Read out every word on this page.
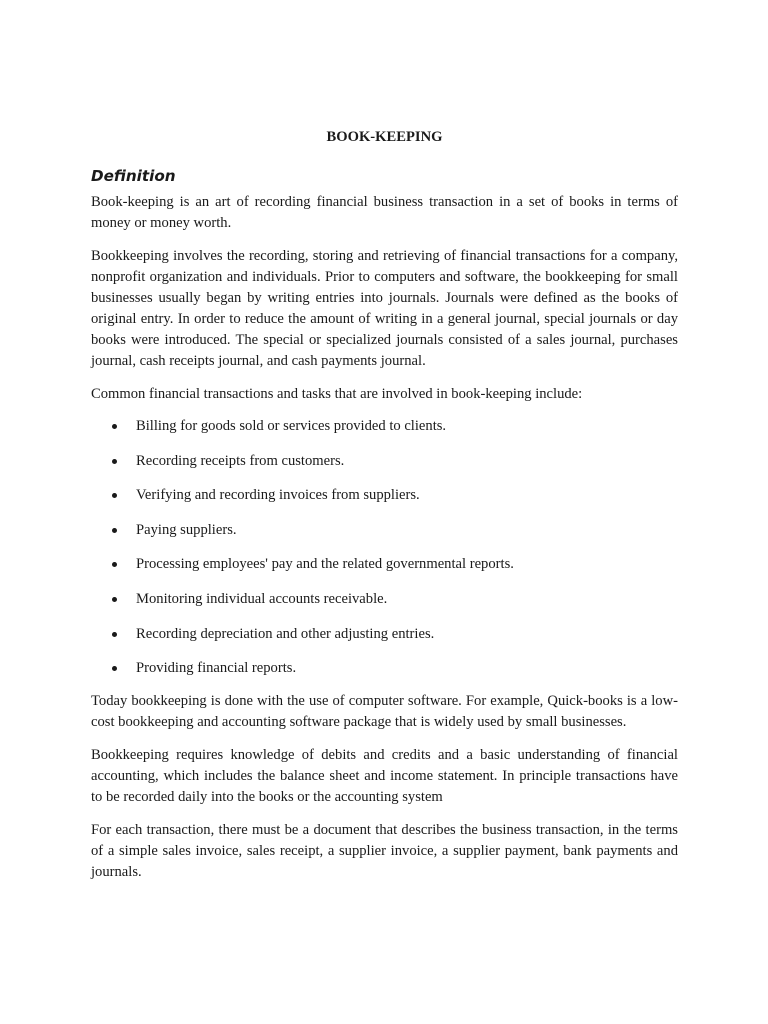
BOOK-KEEPING
Definition

Book-keeping is an art of recording financial business transaction in a set of books in terms of money or money worth.

Bookkeeping involves the recording, storing and retrieving of financial transactions for a company, nonprofit organization and individuals. Prior to computers and software, the bookkeeping for small businesses usually began by writing entries into journals. Journals were defined as the books of original entry. In order to reduce the amount of writing in a general journal, special journals or day books were introduced. The special or specialized journals consisted of a sales journal, purchases journal, cash receipts journal, and cash payments journal.

Common financial transactions and tasks that are involved in book-keeping include:

Billing for goods sold or services provided to clients.
Recording receipts from customers.
Verifying and recording invoices from suppliers.
Paying suppliers.
Processing employees' pay and the related governmental reports.
Monitoring individual accounts receivable.
Recording depreciation and other adjusting entries.
Providing financial reports.

Today bookkeeping is done with the use of computer software. For example, Quick-books is a low-cost bookkeeping and accounting software package that is widely used by small businesses.

Bookkeeping requires knowledge of debits and credits and a basic understanding of financial accounting, which includes the balance sheet and income statement. In principle transactions have to be recorded daily into the books or the accounting system

For each transaction, there must be a document that describes the business transaction, in the terms of a simple sales invoice, sales receipt, a supplier invoice, a supplier payment, bank payments and journals.
